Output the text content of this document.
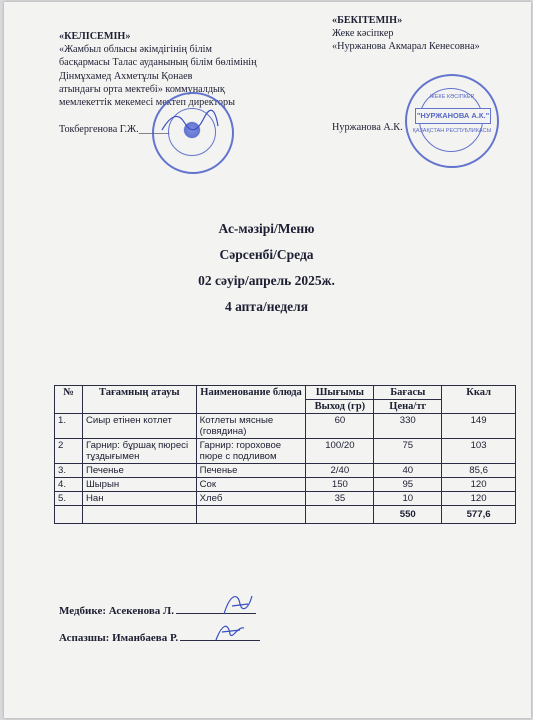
«КЕЛІСЕМІН»
«Жамбыл облысы әкімдігінің білім
басқармасы Талас ауданының білім бөлімінің
Дінмұхамед Ахметұлы Қонаев
атындағы орта мектебі» коммуналдық
мемлекеттік мекемесі мектеп директоры
Токбергенова Г.Ж.______
«БЕКІТЕМІН»
Жеке кәсіпкер
«Нуржанова Акмарал Кенесовна»
Нуржанова А.К.
ЖЕКЕ КӘСІПКЕР
"НУРЖАНОВА А.К."
ҚАЗАҚСТАН РЕСПУБЛИКАСЫ
Ас-мәзірі/Меню
Сәрсенбі/Среда
02 сәуір/апрель 2025ж.
4 апта/неделя
№	Тағамның атауы	Наименование блюда	Шығымы	Бағасы	Ккал
			Выход (гр)	Цена/тг	
1.	Сиыр етінен котлет	Котлеты мясные (говядина)	60	330	149
2	Гарнир: бұршақ пюресі тұздығымен	Гарнир: гороховое пюре с подливом	100/20	75	103
3.	Печенье	Печенье	2/40	40	85,6
4.	Шырын	Сок	150	95	120
5.	Нан	Хлеб	35	10	120
				550	577,6
Медбике: Асекенова Л.
Аспазшы: Иманбаева Р.
